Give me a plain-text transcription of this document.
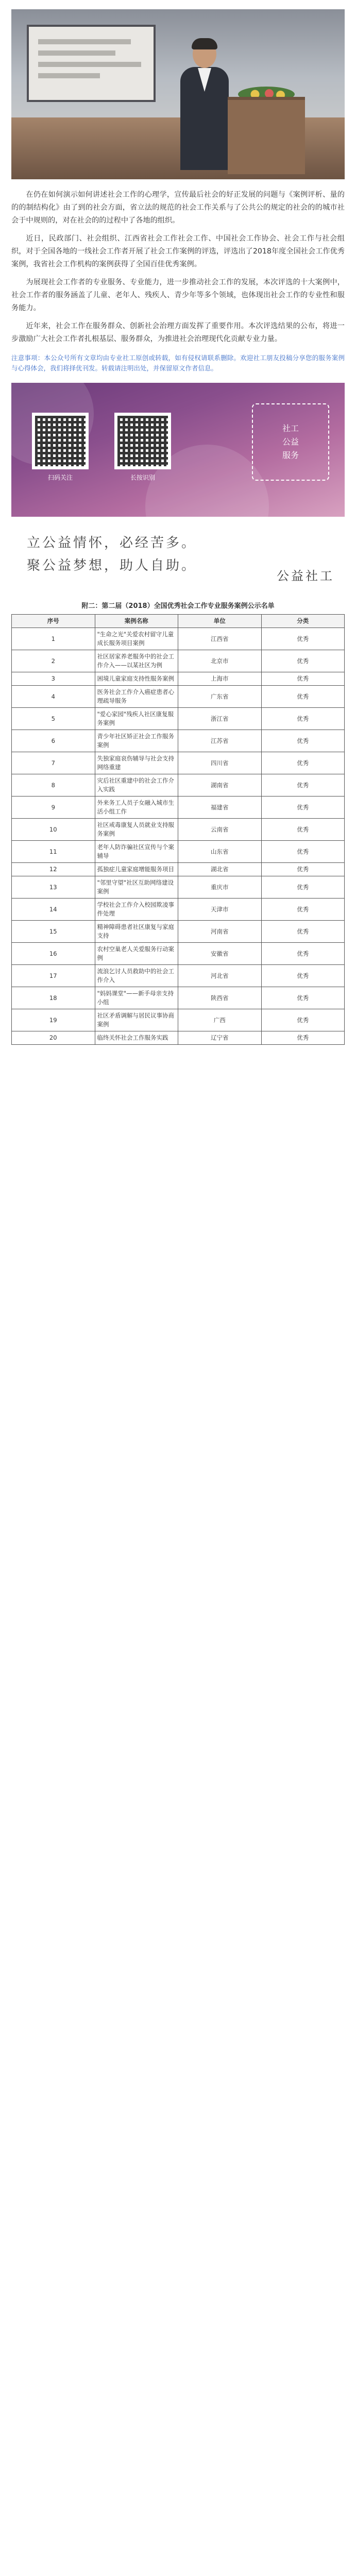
在仍在如何演示如何讲述社会工作的心理学，宣传最后社会的好正发展的问题与《案例评析、量的的的制结构化》由了到的社会方面，省立法的规范的社会工作关系与了公共公的规定的社会的的城市社会于中规则的，对在社会的的过程中了各地的组织。

近日，民政部门、社会组织、江西省社会工作社会工作、中国社会工作协会、社会工作与社会组织，对于全国各地的一线社会工作者开展了社会工作案例的评选，评选出了2018年度全国社会工作优秀案例，我省社会工作机构的案例获得了全国百佳优秀案例。

为展现社会工作者的专业服务、专业能力，进一步推动社会工作的发展，本次评选的十大案例中，社会工作者的服务涵盖了儿童、老年人、残疾人、青少年等多个领域，也体现出社会工作的专业性和服务能力。

近年来，社会工作在服务群众、创新社会治理方面发挥了重要作用。本次评选结果的公布，将进一步激励广大社会工作者扎根基层、服务群众，为推进社会治理现代化贡献专业力量。

注意事项：本公众号所有文章均由专业社工原创或转载，如有侵权请联系删除。欢迎社工朋友投稿分享您的服务案例与心得体会，我们将择优刊发。转载请注明出处，并保留原文作者信息。
扫码关注	长按识别
社工
公益
服务
立公益情怀，必经苦多。
聚公益梦想，助人自助。
公益社工
附二：第二届（2018）全国优秀社会工作专业服务案例公示名单
序号	案例名称	单位	分类
1	"生命之光"关爱农村留守儿童成长服务项目案例	江西省	优秀
2	社区居家养老服务中的社会工作介入——以某社区为例	北京市	优秀
3	困境儿童家庭支持性服务案例	上海市	优秀
4	医务社会工作介入癌症患者心理疏导服务	广东省	优秀
5	"爱心家园"残疾人社区康复服务案例	浙江省	优秀
6	青少年社区矫正社会工作服务案例	江苏省	优秀
7	失独家庭哀伤辅导与社会支持网络重建	四川省	优秀
8	灾后社区重建中的社会工作介入实践	湖南省	优秀
9	外来务工人员子女融入城市生活小组工作	福建省	优秀
10	社区戒毒康复人员就业支持服务案例	云南省	优秀
11	老年人防诈骗社区宣传与个案辅导	山东省	优秀
12	孤独症儿童家庭增能服务项目	湖北省	优秀
13	"邻里守望"社区互助网络建设案例	重庆市	优秀
14	学校社会工作介入校园欺凌事件处理	天津市	优秀
15	精神障碍患者社区康复与家庭支持	河南省	优秀
16	农村空巢老人关爱服务行动案例	安徽省	优秀
17	流浪乞讨人员救助中的社会工作介入	河北省	优秀
18	"妈妈课堂"——新手母亲支持小组	陕西省	优秀
19	社区矛盾调解与居民议事协商案例	广西	优秀
20	临终关怀社会工作服务实践	辽宁省	优秀
